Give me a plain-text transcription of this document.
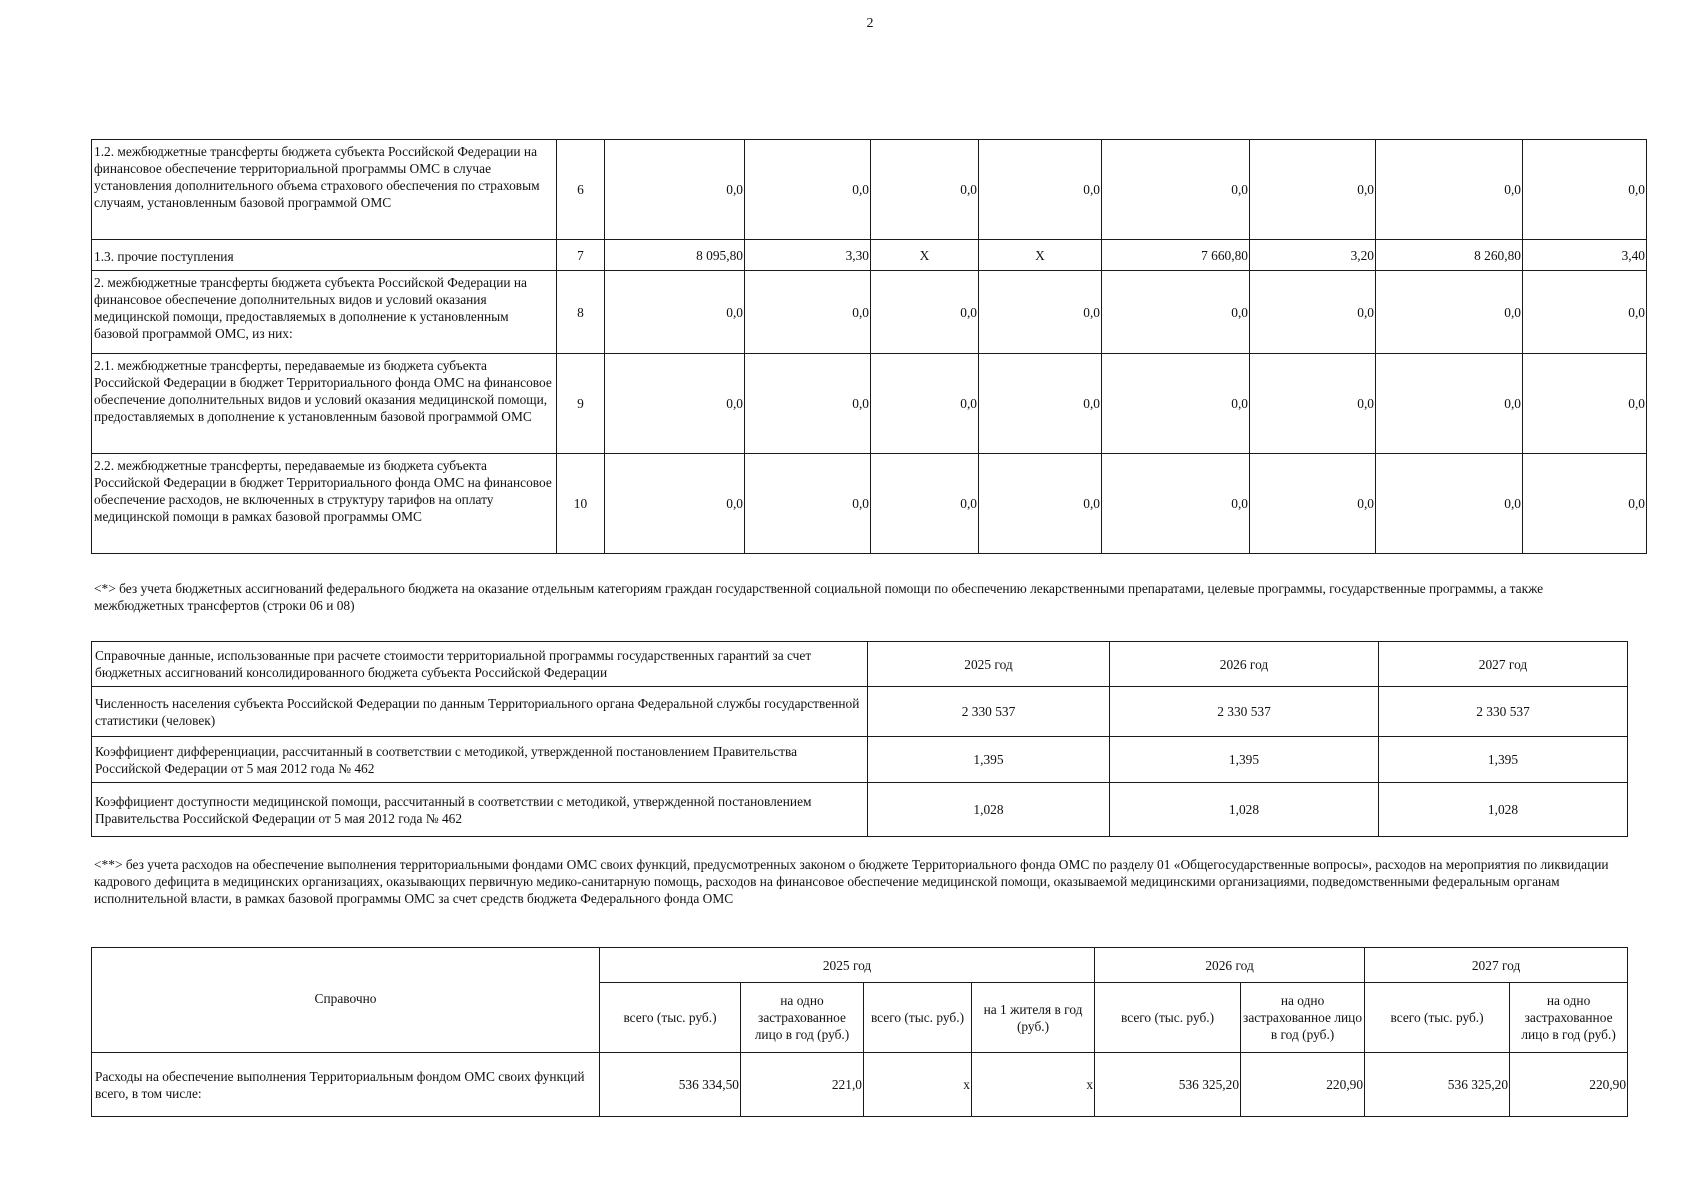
2
1.2. межбюджетные трансферты бюджета субъекта Российской Федерации на финансовое обеспечение территориальной программы ОМС в случае установления дополнительного объема страхового обеспечения по страховым случаям, установленным базовой программой ОМС	6	0,0	0,0	0,0	0,0	0,0	0,0	0,0	0,0
1.3. прочие поступления	7	8 095,80	3,30	X	X	7 660,80	3,20	8 260,80	3,40
2. межбюджетные трансферты бюджета субъекта Российской Федерации на финансовое обеспечение дополнительных видов и условий оказания медицинской помощи, предоставляемых в дополнение к установленным базовой программой ОМС, из них:	8	0,0	0,0	0,0	0,0	0,0	0,0	0,0	0,0
2.1. межбюджетные трансферты, передаваемые из бюджета субъекта Российской Федерации в бюджет Территориального фонда ОМС на финансовое обеспечение дополнительных видов и условий оказания медицинской помощи, предоставляемых в дополнение к установленным базовой программой ОМС	9	0,0	0,0	0,0	0,0	0,0	0,0	0,0	0,0
2.2. межбюджетные трансферты, передаваемые из бюджета субъекта Российской Федерации в бюджет Территориального фонда ОМС на финансовое обеспечение расходов, не включенных в структуру тарифов на оплату медицинской помощи в рамках базовой программы ОМС	10	0,0	0,0	0,0	0,0	0,0	0,0	0,0	0,0
<*> без учета бюджетных ассигнований федерального бюджета на оказание отдельным категориям граждан государственной социальной помощи по обеспечению лекарственными препаратами, целевые программы, государственные программы, а также межбюджетных трансфертов (строки 06 и 08)
Справочные данные, использованные при расчете стоимости территориальной программы государственных гарантий за счет бюджетных ассигнований консолидированного бюджета субъекта Российской Федерации	2025 год	2026 год	2027 год
Численность населения субъекта Российской Федерации по данным Территориального органа Федеральной службы государственной статистики (человек)	2 330 537	2 330 537	2 330 537
Коэффициент дифференциации, рассчитанный в соответствии с методикой, утвержденной постановлением Правительства Российской Федерации от 5 мая 2012 года № 462	1,395	1,395	1,395
Коэффициент доступности медицинской помощи, рассчитанный в соответствии с методикой, утвержденной постановлением Правительства Российской Федерации от 5 мая 2012 года № 462	1,028	1,028	1,028
<**> без учета расходов на обеспечение выполнения территориальными фондами ОМС своих функций, предусмотренных законом о бюджете Территориального фонда ОМС по разделу 01 «Общегосударственные вопросы», расходов на мероприятия по ликвидации кадрового дефицита в медицинских организациях, оказывающих первичную медико-санитарную помощь, расходов на финансовое обеспечение медицинской помощи, оказываемой медицинскими организациями, подведомственными федеральным органам исполнительной власти, в рамках базовой программы ОМС за счет средств бюджета Федерального фонда ОМС
Справочно	2025 год				2026 год		2027 год	
	всего (тыс. руб.)	на одно застрахованное лицо в год (руб.)	всего (тыс. руб.)	на 1 жителя в год (руб.)	всего (тыс. руб.)	на одно застрахованное лицо в год (руб.)	всего (тыс. руб.)	на одно застрахованное лицо в год (руб.)
Расходы на обеспечение выполнения Территориальным фондом ОМС своих функций всего, в том числе:	536 334,50	221,0	x	x	536 325,20	220,90	536 325,20	220,90
